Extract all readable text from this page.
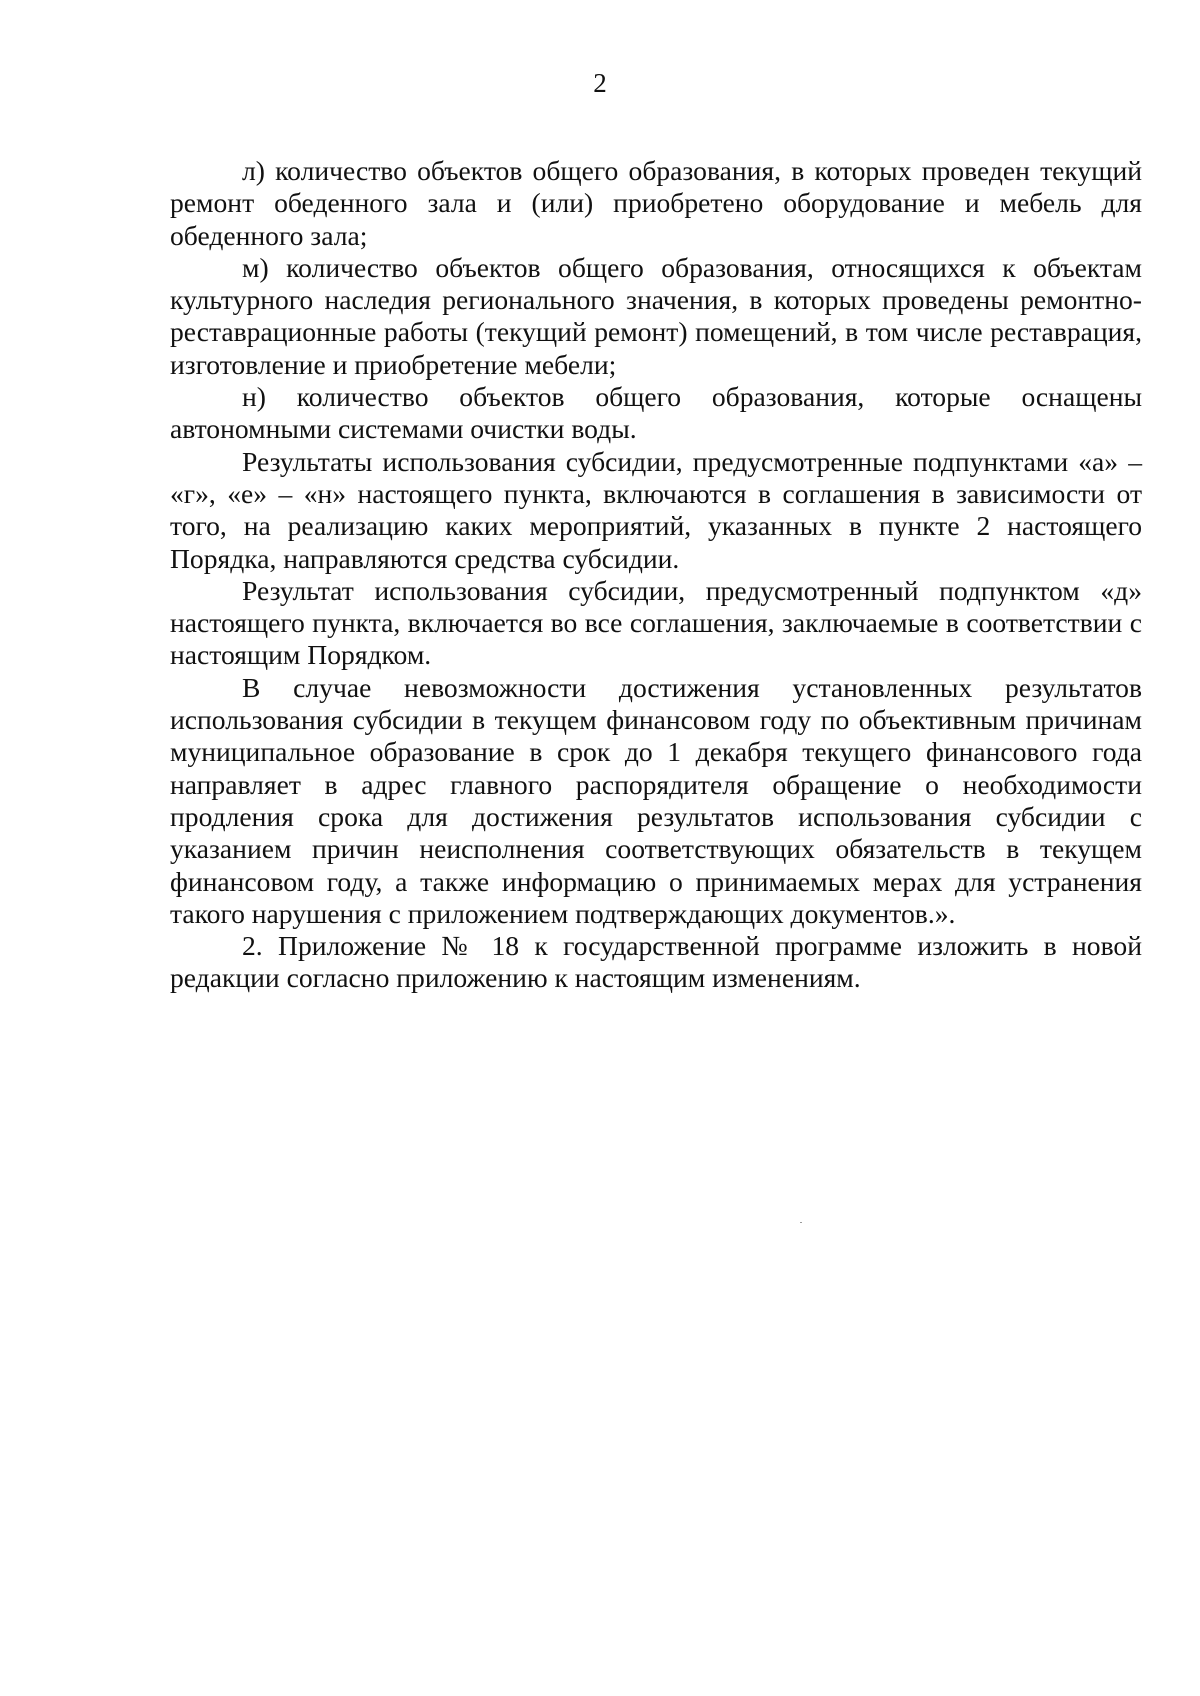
2

л) количество объектов общего образования, в которых проведен текущий ремонт обеденного зала и (или) приобретено оборудование и мебель для обеденного зала;

м) количество объектов общего образования, относящихся к объектам культурного наследия регионального значения, в которых проведены ремонтно-реставрационные работы (текущий ремонт) помещений, в том числе реставрация, изготовление и приобретение мебели;

н) количество объектов общего образования, которые оснащены автономными системами очистки воды.

Результаты использования субсидии, предусмотренные подпунктами «а» – «г», «е» – «н» настоящего пункта, включаются в соглашения в зависимости от того, на реализацию каких мероприятий, указанных в пункте 2 настоящего Порядка, направляются средства субсидии.

Результат использования субсидии, предусмотренный подпунктом «д» настоящего пункта, включается во все соглашения, заключаемые в соответствии с настоящим Порядком.

В случае невозможности достижения установленных результатов использования субсидии в текущем финансовом году по объективным причинам муниципальное образование в срок до 1 декабря текущего финансового года направляет в адрес главного распорядителя обращение о необходимости продления срока для достижения результатов использования субсидии с указанием причин неисполнения соответствующих обязательств в текущем финансовом году, а также информацию о принимаемых мерах для устранения такого нарушения с приложением подтверждающих документов.».

2. Приложение № 18 к государственной программе изложить в новой редакции согласно приложению к настоящим изменениям.
